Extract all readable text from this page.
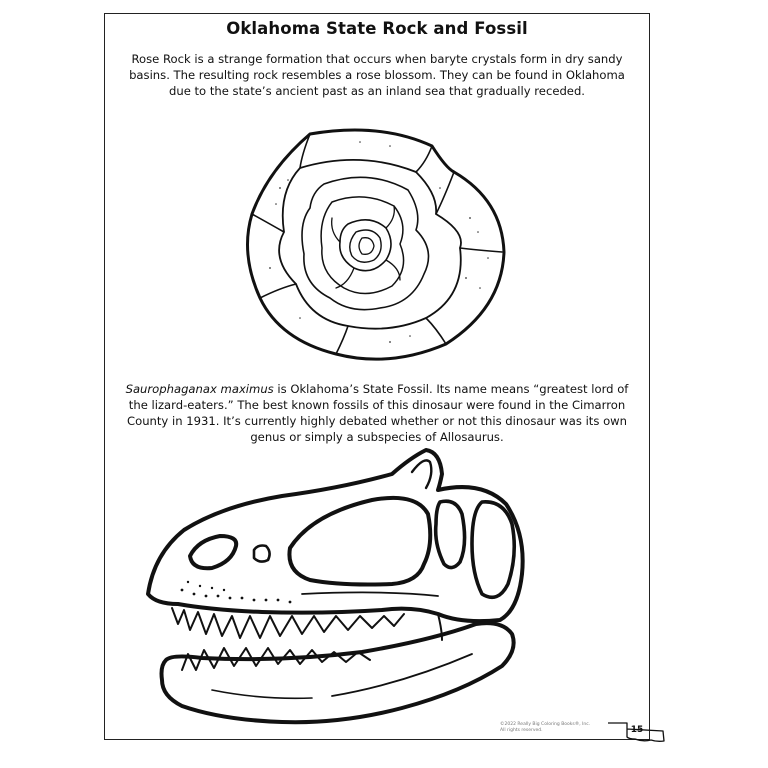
Oklahoma State Rock and Fossil
Rose Rock is a strange formation that occurs when baryte crystals form in dry sandy basins. The resulting rock resembles a rose blossom. They can be found in Oklahoma due to the state’s ancient past as an inland sea that gradually receded.
Saurophaganax maximus is Oklahoma’s State Fossil. Its name means “greatest lord of the lizard-eaters.” The best known fossils of this dinosaur were found in the Cimarron County in 1931. It’s currently highly debated whether or not this dinosaur was its own genus or simply a subspecies of Allosaurus.
©2022 Really Big Coloring Books®, Inc.
All rights reserved.	15
